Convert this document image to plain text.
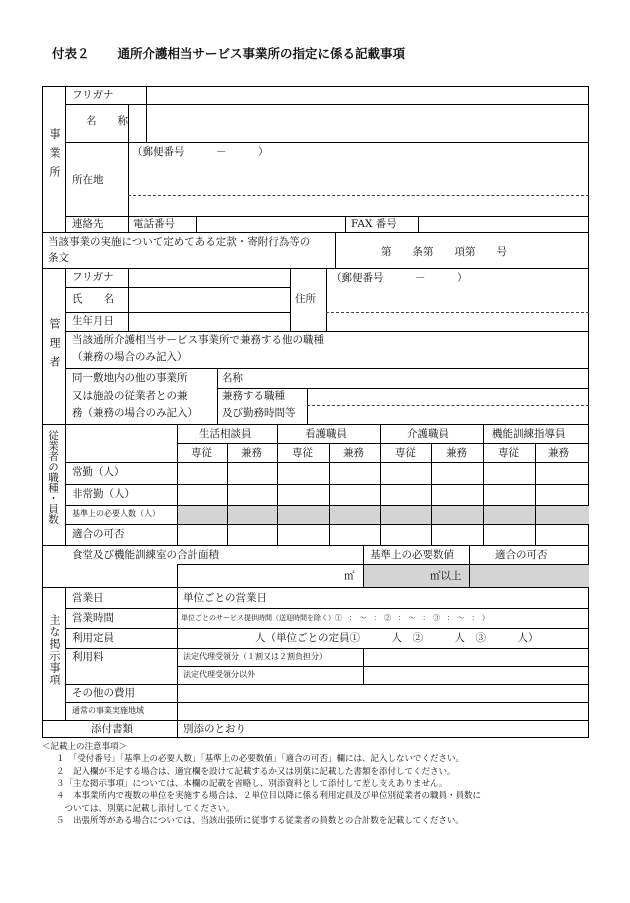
付表２ 通所介護相当サービス事業所の指定に係る記載事項
事業所
フリガナ
名　　称
（郵便番号　　　－　　　）
所在地
連絡先	電話番号	FAX 番号
当該事業の実施について定めてある定款・寄附行為等の
条文	第　　条第　　項第　　号
管理者
フリガナ
氏　　名
生年月日
住所
（郵便番号　　　－　　　）
当該通所介護相当サービス事業所で兼務する他の職種
（兼務の場合のみ記入）
同一敷地内の他の事業所
又は施設の従業者との兼
務（兼務の場合のみ記入）
名称
兼務する職種
及び勤務時間等
従業者の職種・員数	生活相談員	看護職員	介護職員	機能訓練指導員
専従	兼務	専従	兼務	専従	兼務	専従	兼務
常勤（人）
非常勤（人）
基準上の必要人数（人）
適合の可否
食堂及び機能訓練室の合計面積	基準上の必要数値	適合の可否
㎡	㎡以上
主な掲示事項
営業日	単位ごとの営業日
営業時間	単位ごとのサービス提供時間（送迎時間を除く）①　：　～　：　②　：　～　：　③　：　～　：　）
利用定員	人（単位ごとの定員①　　　人　②　　　人　③　　　人）
利用料	法定代理受領分（１割又は２割負担分）
法定代理受領分以外
その他の費用
通常の事業実施地域
添付書類	別添のとおり
＜記載上の注意事項＞
１　「受付番号」「基準上の必要人数」「基準上の必要数値」「適合の可否」欄には、記入しないでください。
２　記入欄が不足する場合は、適宜欄を設けて記載するか又は別葉に記載した書類を添付してください。
３「主な掲示事項」については、本欄の記載を省略し、別添資料として添付して差し支えありません。
４　本事業所内で複数の単位を実施する場合は、２単位目以降に係る利用定員及び単位別従業者の職員・員数に
　ついては、別葉に記載し添付してください。
５　出張所等がある場合については、当該出張所に従事する従業者の員数との合計数を記載してください。
